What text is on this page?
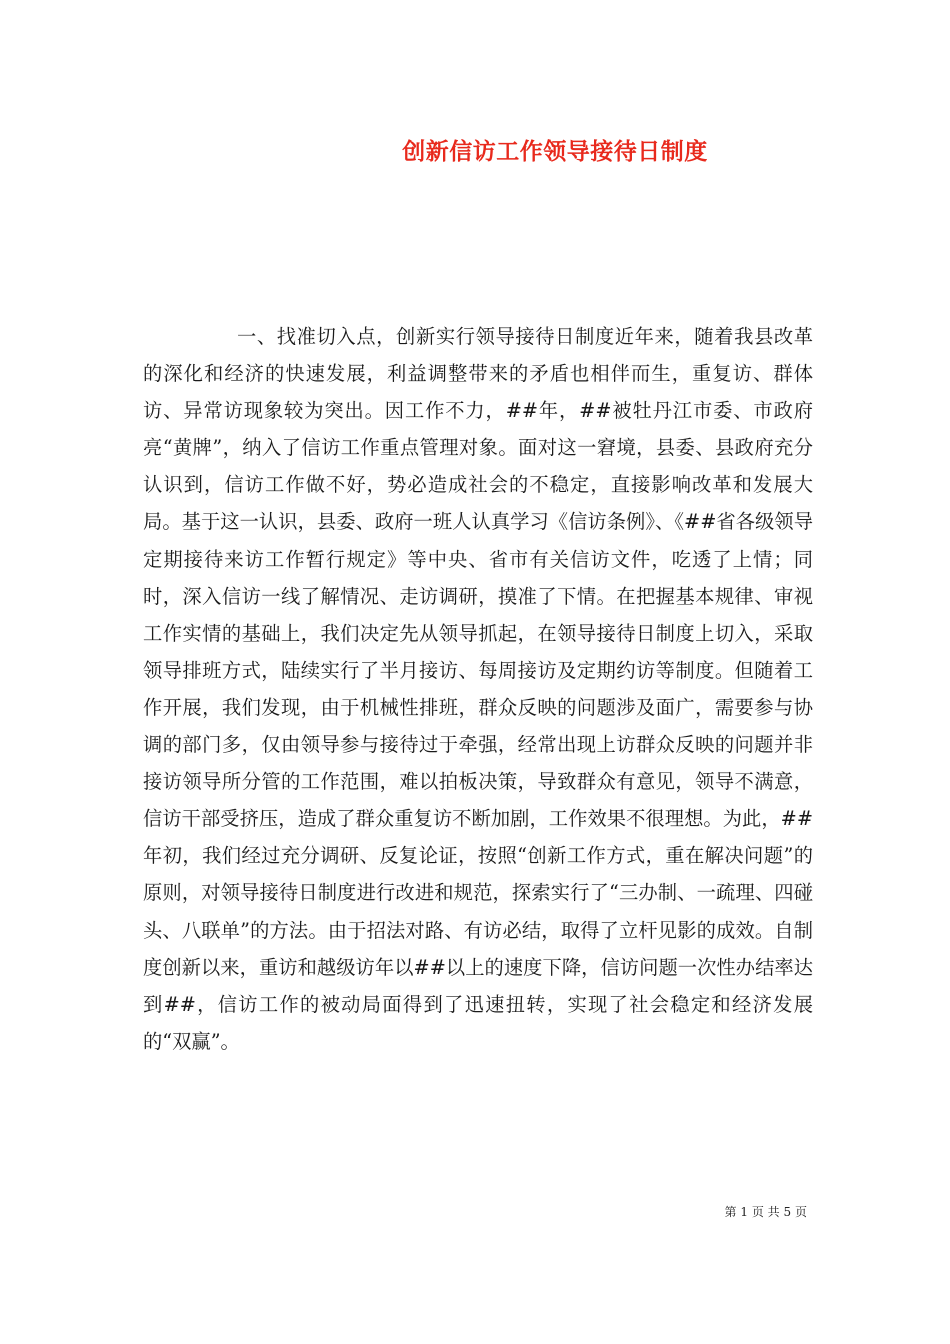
创新信访工作领导接待日制度

一、找准切入点，创新实行领导接待日制度近年来，随着我县改革的深化和经济的快速发展，利益调整带来的矛盾也相伴而生，重复访、群体访、异常访现象较为突出。因工作不力，##年，##被牡丹江市委、市政府亮“黄牌”，纳入了信访工作重点管理对象。面对这一窘境，县委、县政府充分认识到，信访工作做不好，势必造成社会的不稳定，直接影响改革和发展大局。基于这一认识，县委、政府一班人认真学习《信访条例》、《##省各级领导定期接待来访工作暂行规定》等中央、省市有关信访文件，吃透了上情；同时，深入信访一线了解情况、走访调研，摸准了下情。在把握基本规律、审视工作实情的基础上，我们决定先从领导抓起，在领导接待日制度上切入，采取领导排班方式，陆续实行了半月接访、每周接访及定期约访等制度。但随着工作开展，我们发现，由于机械性排班，群众反映的问题涉及面广，需要参与协调的部门多，仅由领导参与接待过于牵强，经常出现上访群众反映的问题并非接访领导所分管的工作范围，难以拍板决策，导致群众有意见，领导不满意，信访干部受挤压，造成了群众重复访不断加剧，工作效果不很理想。为此，##年初，我们经过充分调研、反复论证，按照“创新工作方式，重在解决问题”的原则，对领导接待日制度进行改进和规范，探索实行了“三办制、一疏理、四碰头、八联单”的方法。由于招法对路、有访必结，取得了立杆见影的成效。自制度创新以来，重访和越级访年以##以上的速度下降，信访问题一次性办结率达到##，信访工作的被动局面得到了迅速扭转，实现了社会稳定和经济发展的“双赢”。

第 1 页 共 5 页
